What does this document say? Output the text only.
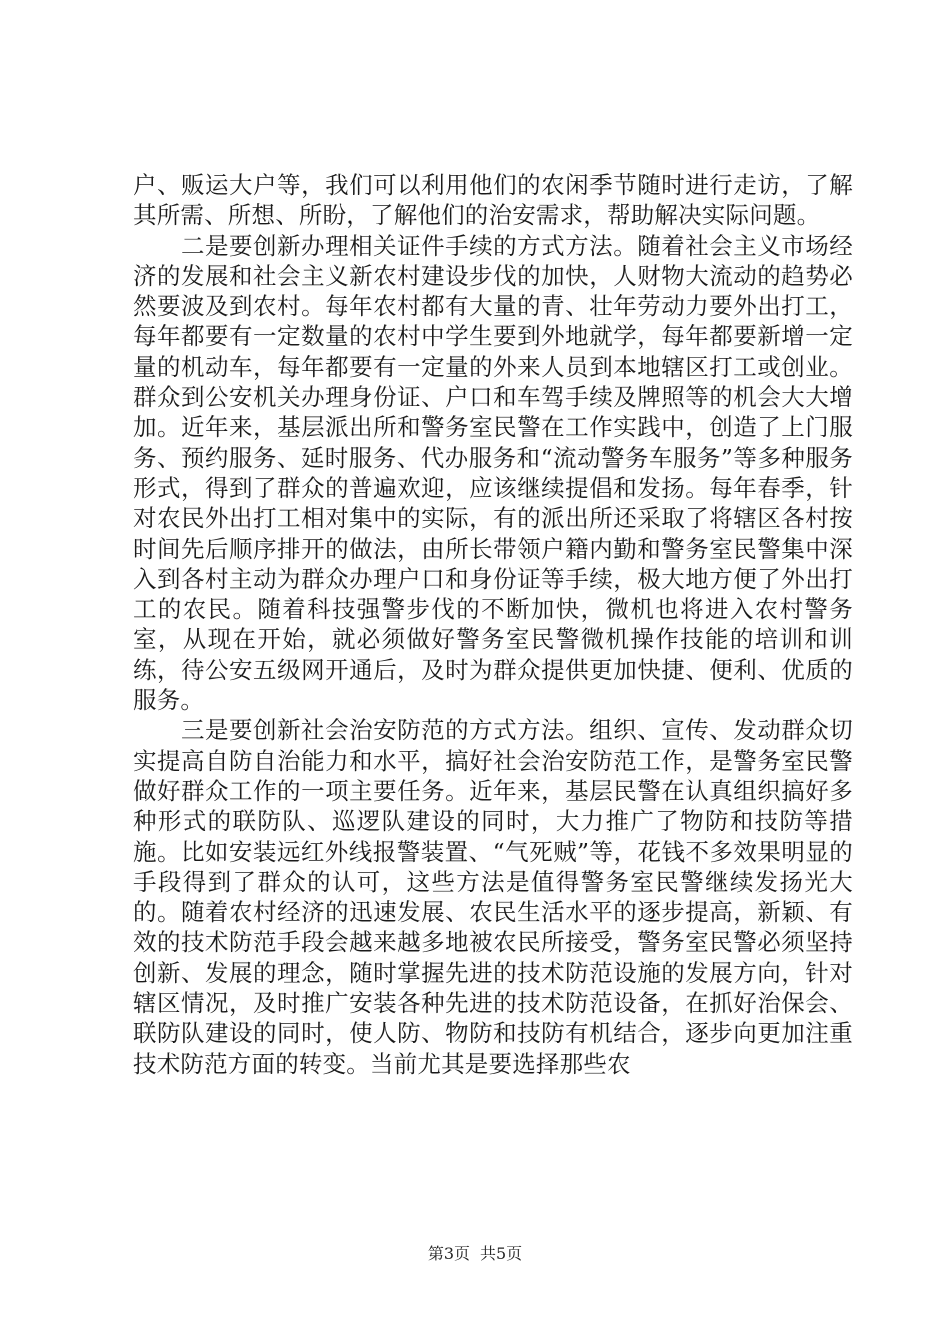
户、贩运大户等，我们可以利用他们的农闲季节随时进行走访，了解其所需、所想、所盼，了解他们的治安需求，帮助解决实际问题。

二是要创新办理相关证件手续的方式方法。随着社会主义市场经济的发展和社会主义新农村建设步伐的加快，人财物大流动的趋势必然要波及到农村。每年农村都有大量的青、壮年劳动力要外出打工，每年都要有一定数量的农村中学生要到外地就学，每年都要新增一定量的机动车，每年都要有一定量的外来人员到本地辖区打工或创业。群众到公安机关办理身份证、户口和车驾手续及牌照等的机会大大增加。近年来，基层派出所和警务室民警在工作实践中，创造了上门服务、预约服务、延时服务、代办服务和“流动警务车服务”等多种服务形式，得到了群众的普遍欢迎，应该继续提倡和发扬。每年春季，针对农民外出打工相对集中的实际，有的派出所还采取了将辖区各村按时间先后顺序排开的做法，由所长带领户籍内勤和警务室民警集中深入到各村主动为群众办理户口和身份证等手续，极大地方便了外出打工的农民。随着科技强警步伐的不断加快，微机也将进入农村警务室，从现在开始，就必须做好警务室民警微机操作技能的培训和训练，待公安五级网开通后，及时为群众提供更加快捷、便利、优质的服务。

三是要创新社会治安防范的方式方法。组织、宣传、发动群众切实提高自防自治能力和水平，搞好社会治安防范工作，是警务室民警做好群众工作的一项主要任务。近年来，基层民警在认真组织搞好多种形式的联防队、巡逻队建设的同时，大力推广了物防和技防等措施。比如安装远红外线报警装置、“气死贼”等，花钱不多效果明显的手段得到了群众的认可，这些方法是值得警务室民警继续发扬光大的。随着农村经济的迅速发展、农民生活水平的逐步提高，新颖、有效的技术防范手段会越来越多地被农民所接受，警务室民警必须坚持创新、发展的理念，随时掌握先进的技术防范设施的发展方向，针对辖区情况，及时推广安装各种先进的技术防范设备，在抓好治保会、联防队建设的同时，使人防、物防和技防有机结合，逐步向更加注重技术防范方面的转变。当前尤其是要选择那些农

第3页 共5页
